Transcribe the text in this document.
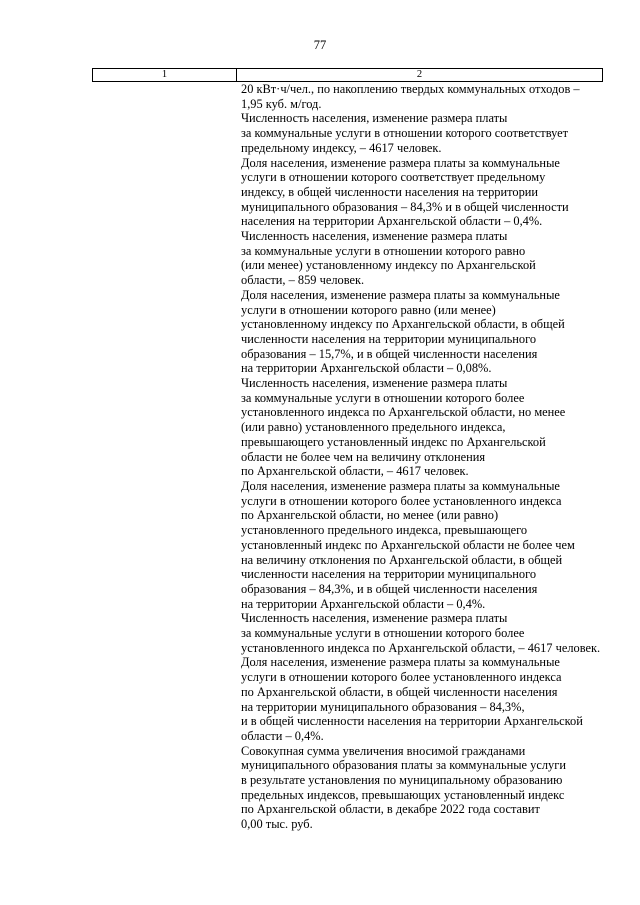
77
1	2
20 кВт·ч/чел., по накоплению твердых коммунальных отходов –
1,95 куб. м/год.
Численность населения, изменение размера платы
за коммунальные услуги в отношении которого соответствует
предельному индексу, – 4617 человек.
Доля населения, изменение размера платы за коммунальные
услуги в отношении которого соответствует предельному
индексу, в общей численности населения на территории
муниципального образования – 84,3% и в общей численности
населения на территории Архангельской области – 0,4%.
Численность населения, изменение размера платы
за коммунальные услуги в отношении которого равно
(или менее) установленному индексу по Архангельской
области, – 859 человек.
Доля населения, изменение размера платы за коммунальные
услуги в отношении которого равно (или менее)
установленному индексу по Архангельской области, в общей
численности населения на территории муниципального
образования – 15,7%, и в общей численности населения
на территории Архангельской области – 0,08%.
Численность населения, изменение размера платы
за коммунальные услуги в отношении которого более
установленного индекса по Архангельской области, но менее
(или равно) установленного предельного индекса,
превышающего установленный индекс по Архангельской
области не более чем на величину отклонения
по Архангельской области, – 4617 человек.
Доля населения, изменение размера платы за коммунальные
услуги в отношении которого более установленного индекса
по Архангельской области, но менее (или равно)
установленного предельного индекса, превышающего
установленный индекс по Архангельской области не более чем
на величину отклонения по Архангельской области, в общей
численности населения на территории муниципального
образования – 84,3%, и в общей численности населения
на территории Архангельской области – 0,4%.
Численность населения, изменение размера платы
за коммунальные услуги в отношении которого более
установленного индекса по Архангельской области, – 4617 человек.
Доля населения, изменение размера платы за коммунальные
услуги в отношении которого более установленного индекса
по Архангельской области, в общей численности населения
на территории муниципального образования – 84,3%,
и в общей численности населения на территории Архангельской
области – 0,4%.
Совокупная сумма увеличения вносимой гражданами
муниципального образования платы за коммунальные услуги
в результате установления по муниципальному образованию
предельных индексов, превышающих установленный индекс
по Архангельской области, в декабре 2022 года составит
0,00 тыс. руб.
